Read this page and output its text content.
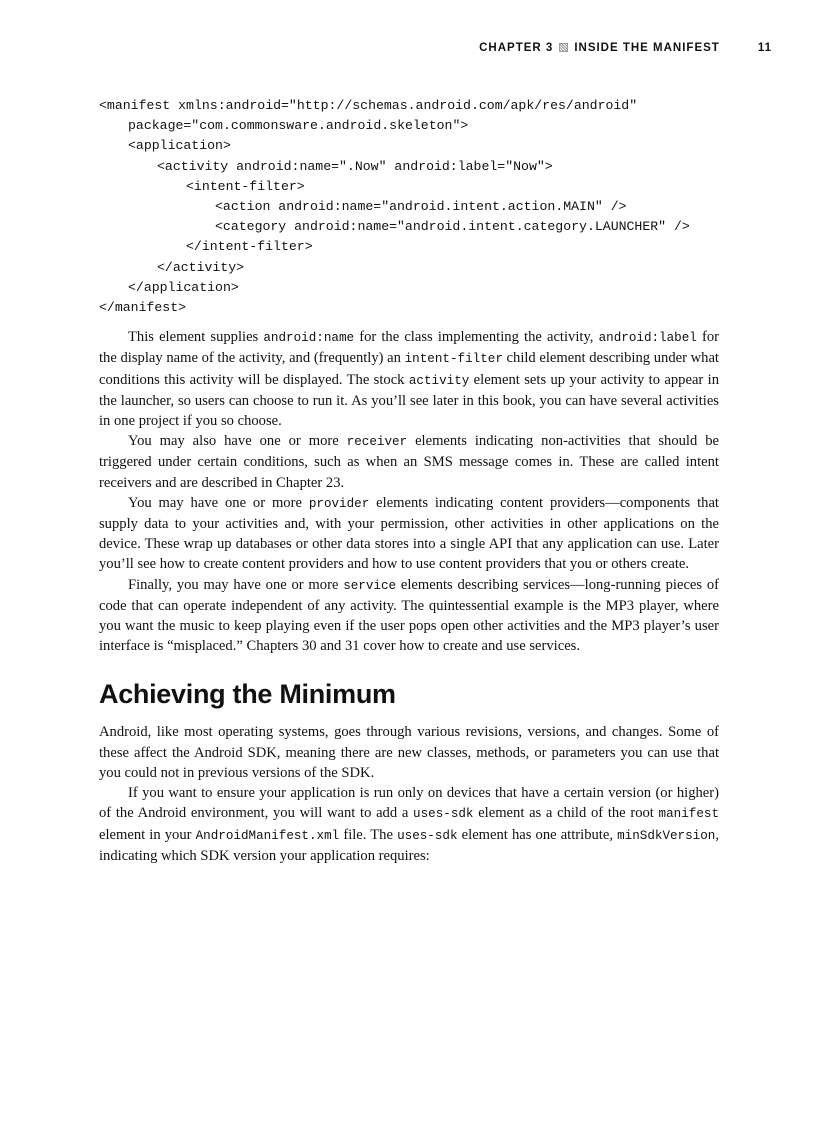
CHAPTER 3 INSIDE THE MANIFEST	11
<manifest xmlns:android="http://schemas.android.com/apk/res/android"
package="com.commonsware.android.skeleton">
<application>
<activity android:name=".Now" android:label="Now">
<intent-filter>
<action android:name="android.intent.action.MAIN" />
<category android:name="android.intent.category.LAUNCHER" />
</intent-filter>
</activity>
</application>
</manifest>

This element supplies android:name for the class implementing the activity, android:label for the display name of the activity, and (frequently) an intent-filter child element describing under what conditions this activity will be displayed. The stock activity element sets up your activity to appear in the launcher, so users can choose to run it. As you’ll see later in this book, you can have several activities in one project if you so choose.

You may also have one or more receiver elements indicating non-activities that should be triggered under certain conditions, such as when an SMS message comes in. These are called intent receivers and are described in Chapter 23.

You may have one or more provider elements indicating content providers—components that supply data to your activities and, with your permission, other activities in other applications on the device. These wrap up databases or other data stores into a single API that any application can use. Later you’ll see how to create content providers and how to use content providers that you or others create.

Finally, you may have one or more service elements describing services—long-running pieces of code that can operate independent of any activity. The quintessential example is the MP3 player, where you want the music to keep playing even if the user pops open other activities and the MP3 player’s user interface is “misplaced.” Chapters 30 and 31 cover how to create and use services.

Achieving the Minimum

Android, like most operating systems, goes through various revisions, versions, and changes. Some of these affect the Android SDK, meaning there are new classes, methods, or parameters you can use that you could not in previous versions of the SDK.

If you want to ensure your application is run only on devices that have a certain version (or higher) of the Android environment, you will want to add a uses-sdk element as a child of the root manifest element in your AndroidManifest.xml file. The uses-sdk element has one attribute, minSdkVersion, indicating which SDK version your application requires:
